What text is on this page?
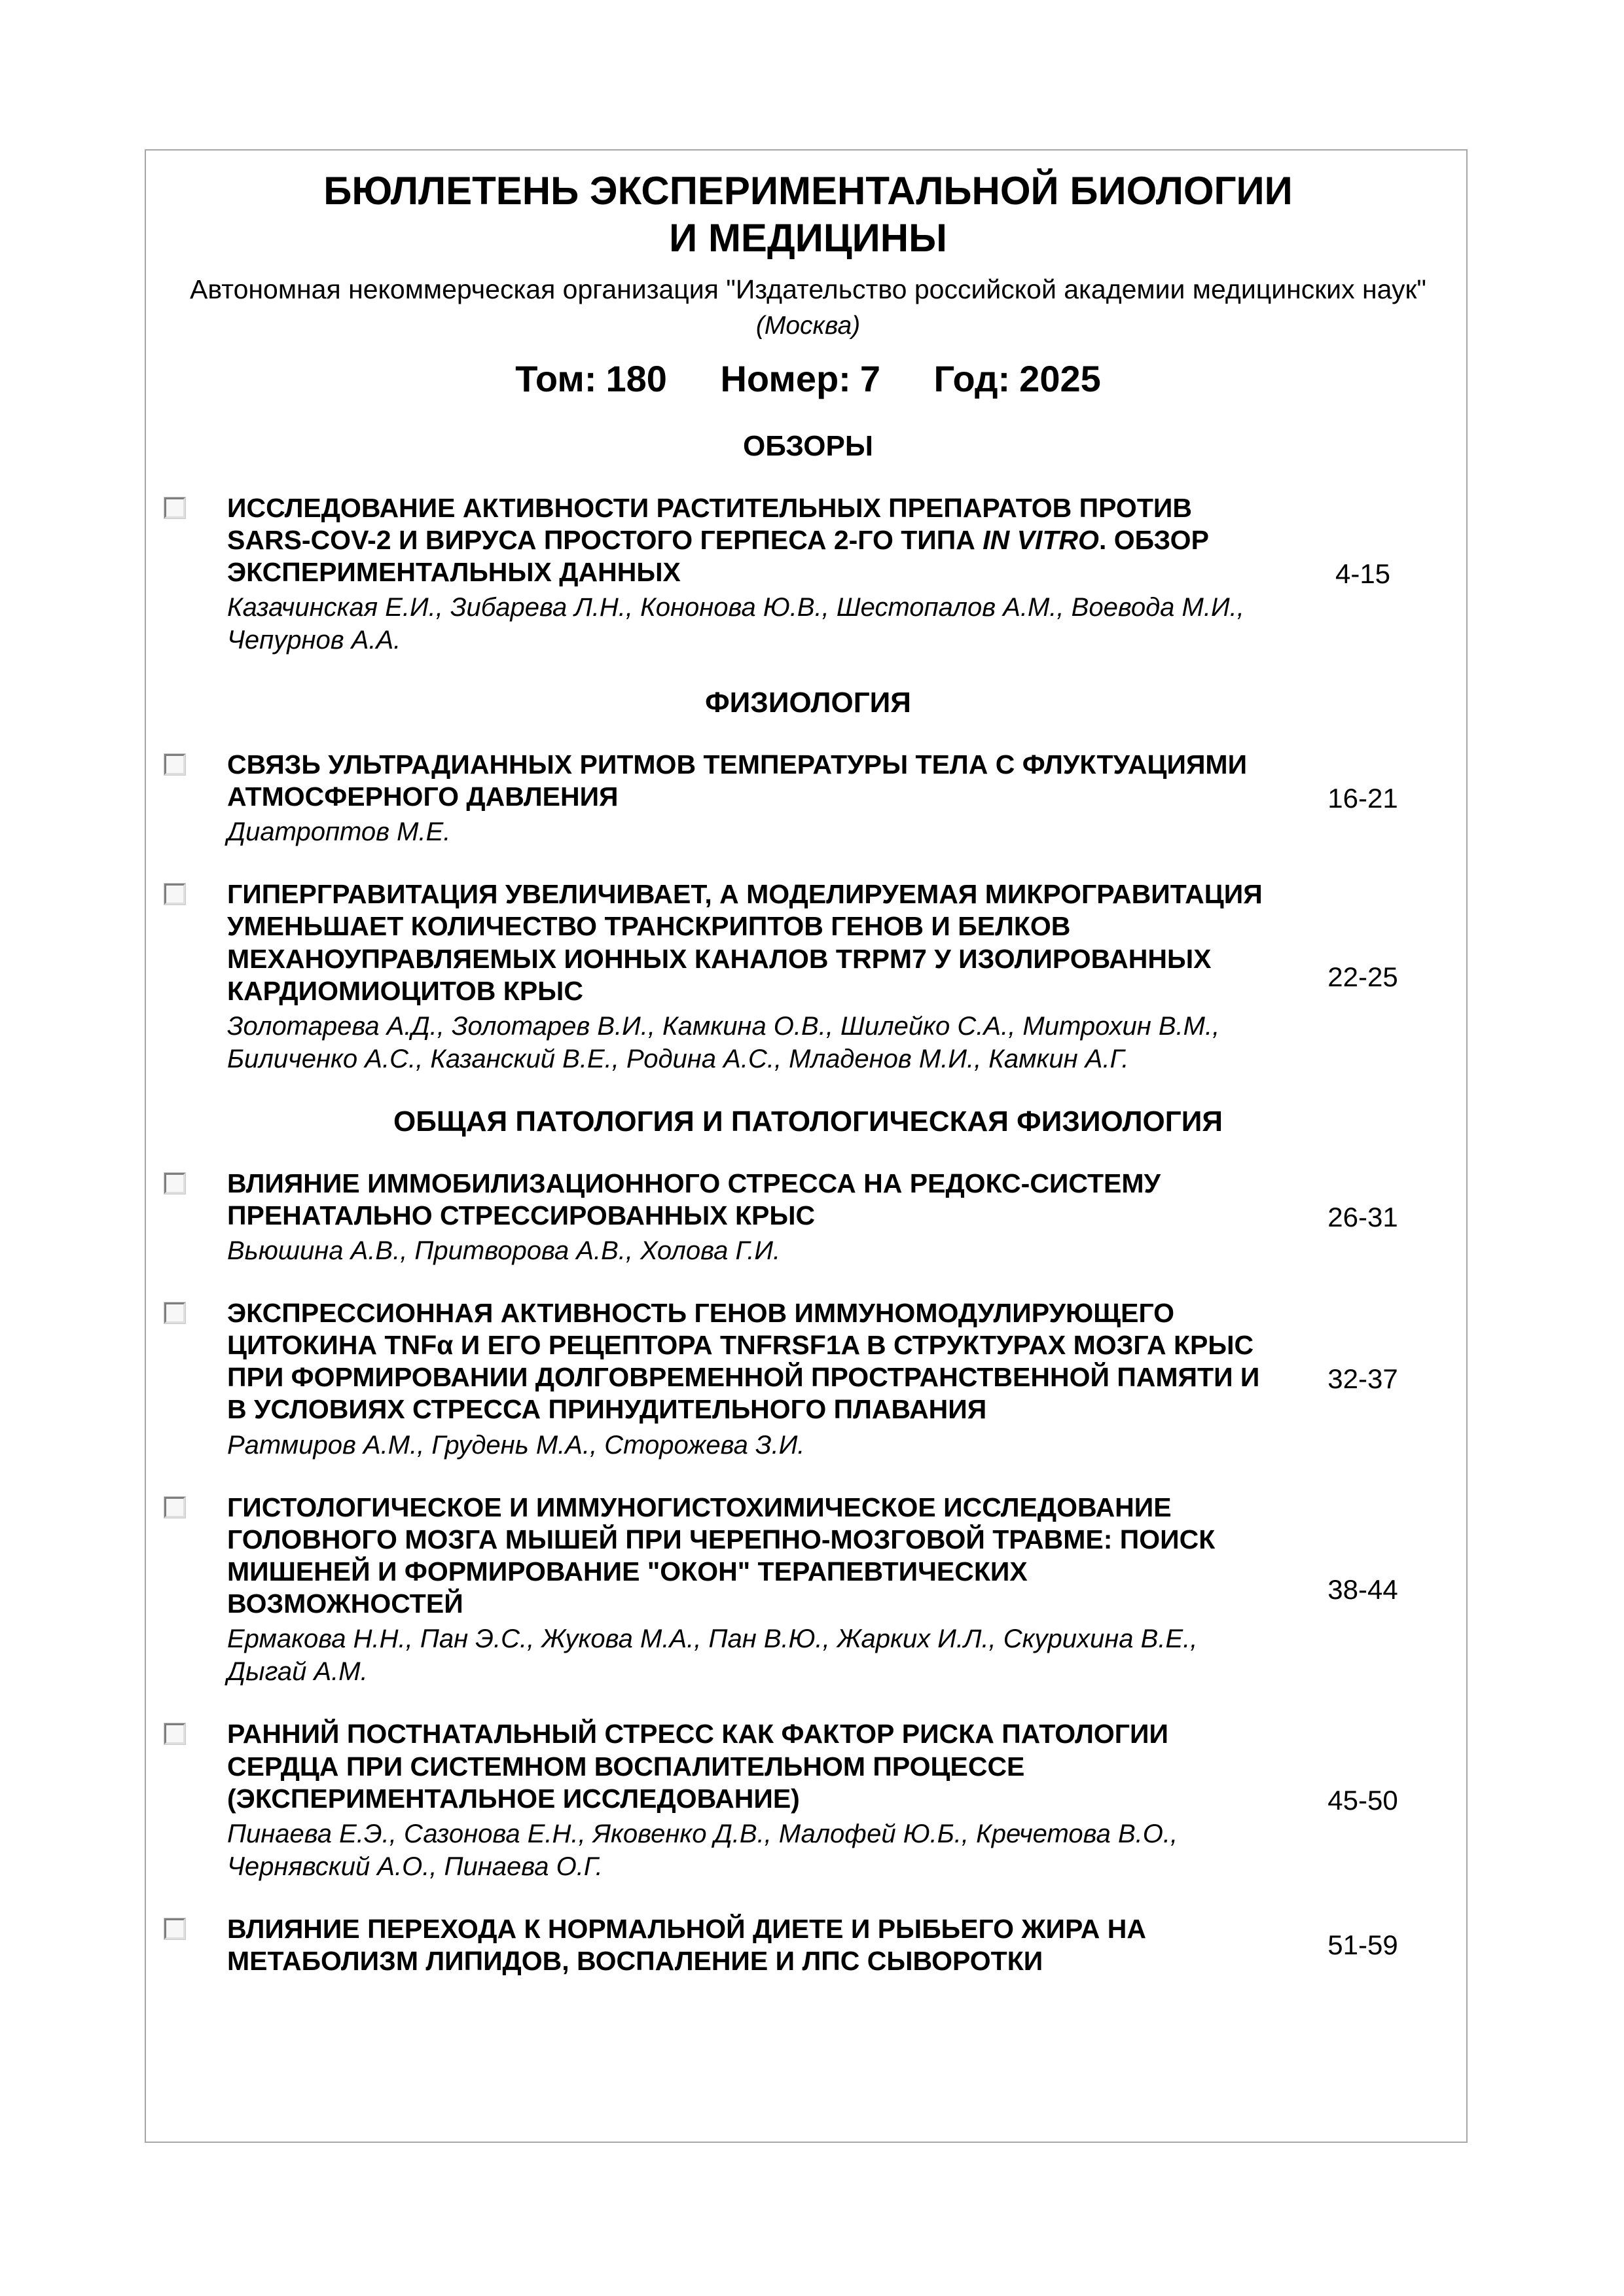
БЮЛЛЕТЕНЬ ЭКСПЕРИМЕНТАЛЬНОЙ БИОЛОГИИ
И МЕДИЦИНЫ
Автономная некоммерческая организация "Издательство российской академии медицинских наук"
(Москва)
Том: 180 Номер: 7 Год: 2025
ОБЗОРЫ
ИССЛЕДОВАНИЕ АКТИВНОСТИ РАСТИТЕЛЬНЫХ ПРЕПАРАТОВ ПРОТИВ SARS-COV-2 И ВИРУСА ПРОСТОГО ГЕРПЕСА 2-ГО ТИПА IN VITRO. ОБЗОР ЭКСПЕРИМЕНТАЛЬНЫХ ДАННЫХ
Казачинская Е.И., Зибарева Л.Н., Кононова Ю.В., Шестопалов А.М., Воевода М.И., Чепурнов А.А.
4-15
ФИЗИОЛОГИЯ
СВЯЗЬ УЛЬТРАДИАННЫХ РИТМОВ ТЕМПЕРАТУРЫ ТЕЛА С ФЛУКТУАЦИЯМИ АТМОСФЕРНОГО ДАВЛЕНИЯ
Диатроптов М.Е.
16-21
ГИПЕРГРАВИТАЦИЯ УВЕЛИЧИВАЕТ, А МОДЕЛИРУЕМАЯ МИКРОГРАВИТАЦИЯ УМЕНЬШАЕТ КОЛИЧЕСТВО ТРАНСКРИПТОВ ГЕНОВ И БЕЛКОВ МЕХАНОУПРАВЛЯЕМЫХ ИОННЫХ КАНАЛОВ TRPM7 У ИЗОЛИРОВАННЫХ КАРДИОМИОЦИТОВ КРЫС
Золотарева А.Д., Золотарев В.И., Камкина О.В., Шилейко С.А., Митрохин В.М., Биличенко А.С., Казанский В.Е., Родина А.С., Младенов М.И., Камкин А.Г.
22-25
ОБЩАЯ ПАТОЛОГИЯ И ПАТОЛОГИЧЕСКАЯ ФИЗИОЛОГИЯ
ВЛИЯНИЕ ИММОБИЛИЗАЦИОННОГО СТРЕССА НА РЕДОКС-СИСТЕМУ ПРЕНАТАЛЬНО СТРЕССИРОВАННЫХ КРЫС
Вьюшина А.В., Притворова А.В., Холова Г.И.
26-31
ЭКСПРЕССИОННАЯ АКТИВНОСТЬ ГЕНОВ ИММУНОМОДУЛИРУЮЩЕГО ЦИТОКИНА TNFα И ЕГО РЕЦЕПТОРА TNFRSF1A В СТРУКТУРАХ МОЗГА КРЫС ПРИ ФОРМИРОВАНИИ ДОЛГОВРЕМЕННОЙ ПРОСТРАНСТВЕННОЙ ПАМЯТИ И В УСЛОВИЯХ СТРЕССА ПРИНУДИТЕЛЬНОГО ПЛАВАНИЯ
Ратмиров А.М., Грудень М.А., Сторожева З.И.
32-37
ГИСТОЛОГИЧЕСКОЕ И ИММУНОГИСТОХИМИЧЕСКОЕ ИССЛЕДОВАНИЕ ГОЛОВНОГО МОЗГА МЫШЕЙ ПРИ ЧЕРЕПНО-МОЗГОВОЙ ТРАВМЕ: ПОИСК МИШЕНЕЙ И ФОРМИРОВАНИЕ "ОКОН" ТЕРАПЕВТИЧЕСКИХ ВОЗМОЖНОСТЕЙ
Ермакова Н.Н., Пан Э.С., Жукова М.А., Пан В.Ю., Жарких И.Л., Скурихина В.Е., Дыгай А.М.
38-44
РАННИЙ ПОСТНАТАЛЬНЫЙ СТРЕСС КАК ФАКТОР РИСКА ПАТОЛОГИИ СЕРДЦА ПРИ СИСТЕМНОМ ВОСПАЛИТЕЛЬНОМ ПРОЦЕССЕ (ЭКСПЕРИМЕНТАЛЬНОЕ ИССЛЕДОВАНИЕ)
Пинаева Е.Э., Сазонова Е.Н., Яковенко Д.В., Малофей Ю.Б., Кречетова В.О., Чернявский А.О., Пинаева О.Г.
45-50
ВЛИЯНИЕ ПЕРЕХОДА К НОРМАЛЬНОЙ ДИЕТЕ И РЫБЬЕГО ЖИРА НА МЕТАБОЛИЗМ ЛИПИДОВ, ВОСПАЛЕНИЕ И ЛПС СЫВОРОТКИ
51-59
